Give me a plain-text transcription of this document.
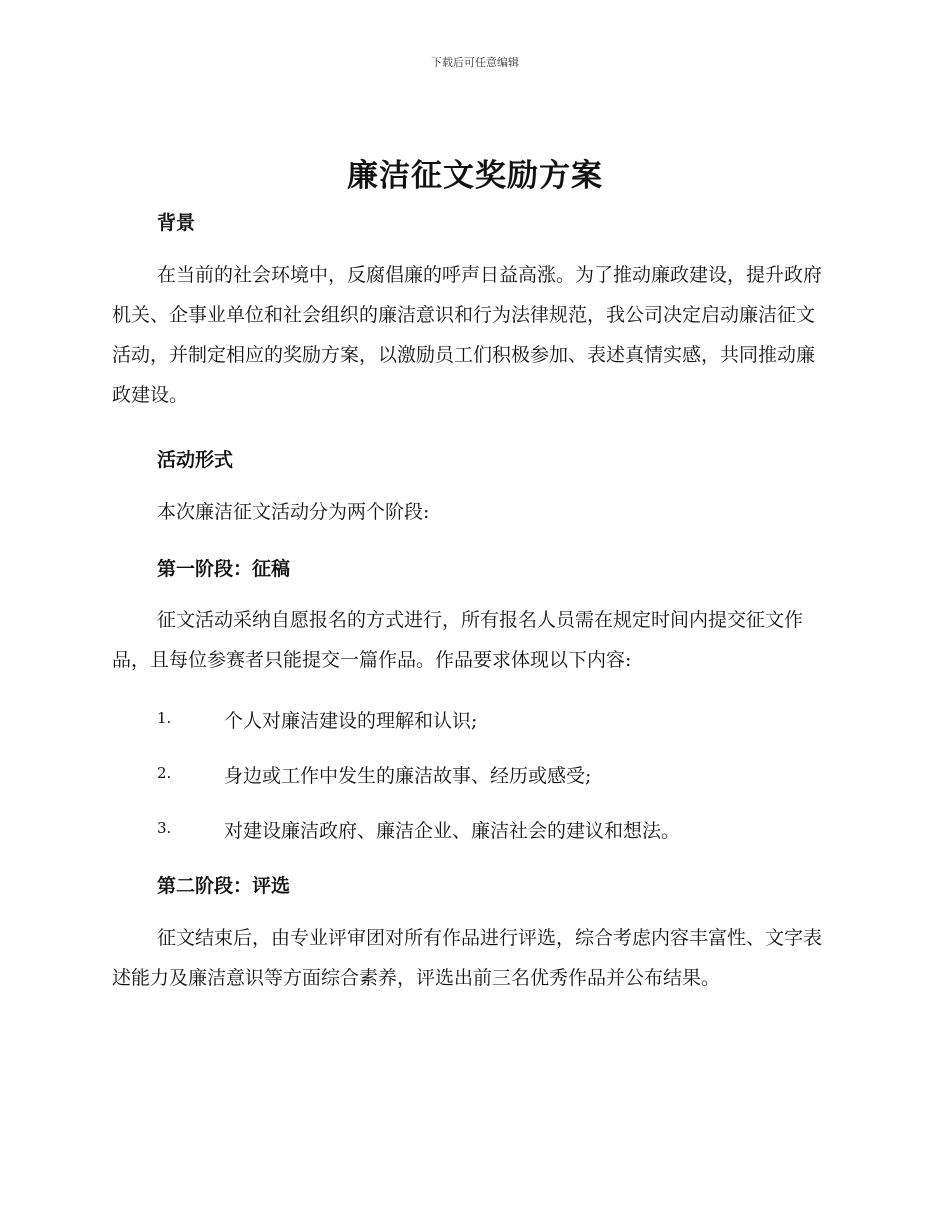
下载后可任意编辑
廉洁征文奖励方案
背景
在当前的社会环境中，反腐倡廉的呼声日益高涨。为了推动廉政建设，提升政府机关、企事业单位和社会组织的廉洁意识和行为法律规范，我公司决定启动廉洁征文活动，并制定相应的奖励方案，以激励员工们积极参加、表述真情实感，共同推动廉政建设。
活动形式
本次廉洁征文活动分为两个阶段:
第一阶段：征稿
征文活动采纳自愿报名的方式进行，所有报名人员需在规定时间内提交征文作品，且每位参赛者只能提交一篇作品。作品要求体现以下内容:
1.	个人对廉洁建设的理解和认识;
2.	身边或工作中发生的廉洁故事、经历或感受;
3.	对建设廉洁政府、廉洁企业、廉洁社会的建议和想法。
第二阶段：评选
征文结束后，由专业评审团对所有作品进行评选，综合考虑内容丰富性、文字表述能力及廉洁意识等方面综合素养，评选出前三名优秀作品并公布结果。
